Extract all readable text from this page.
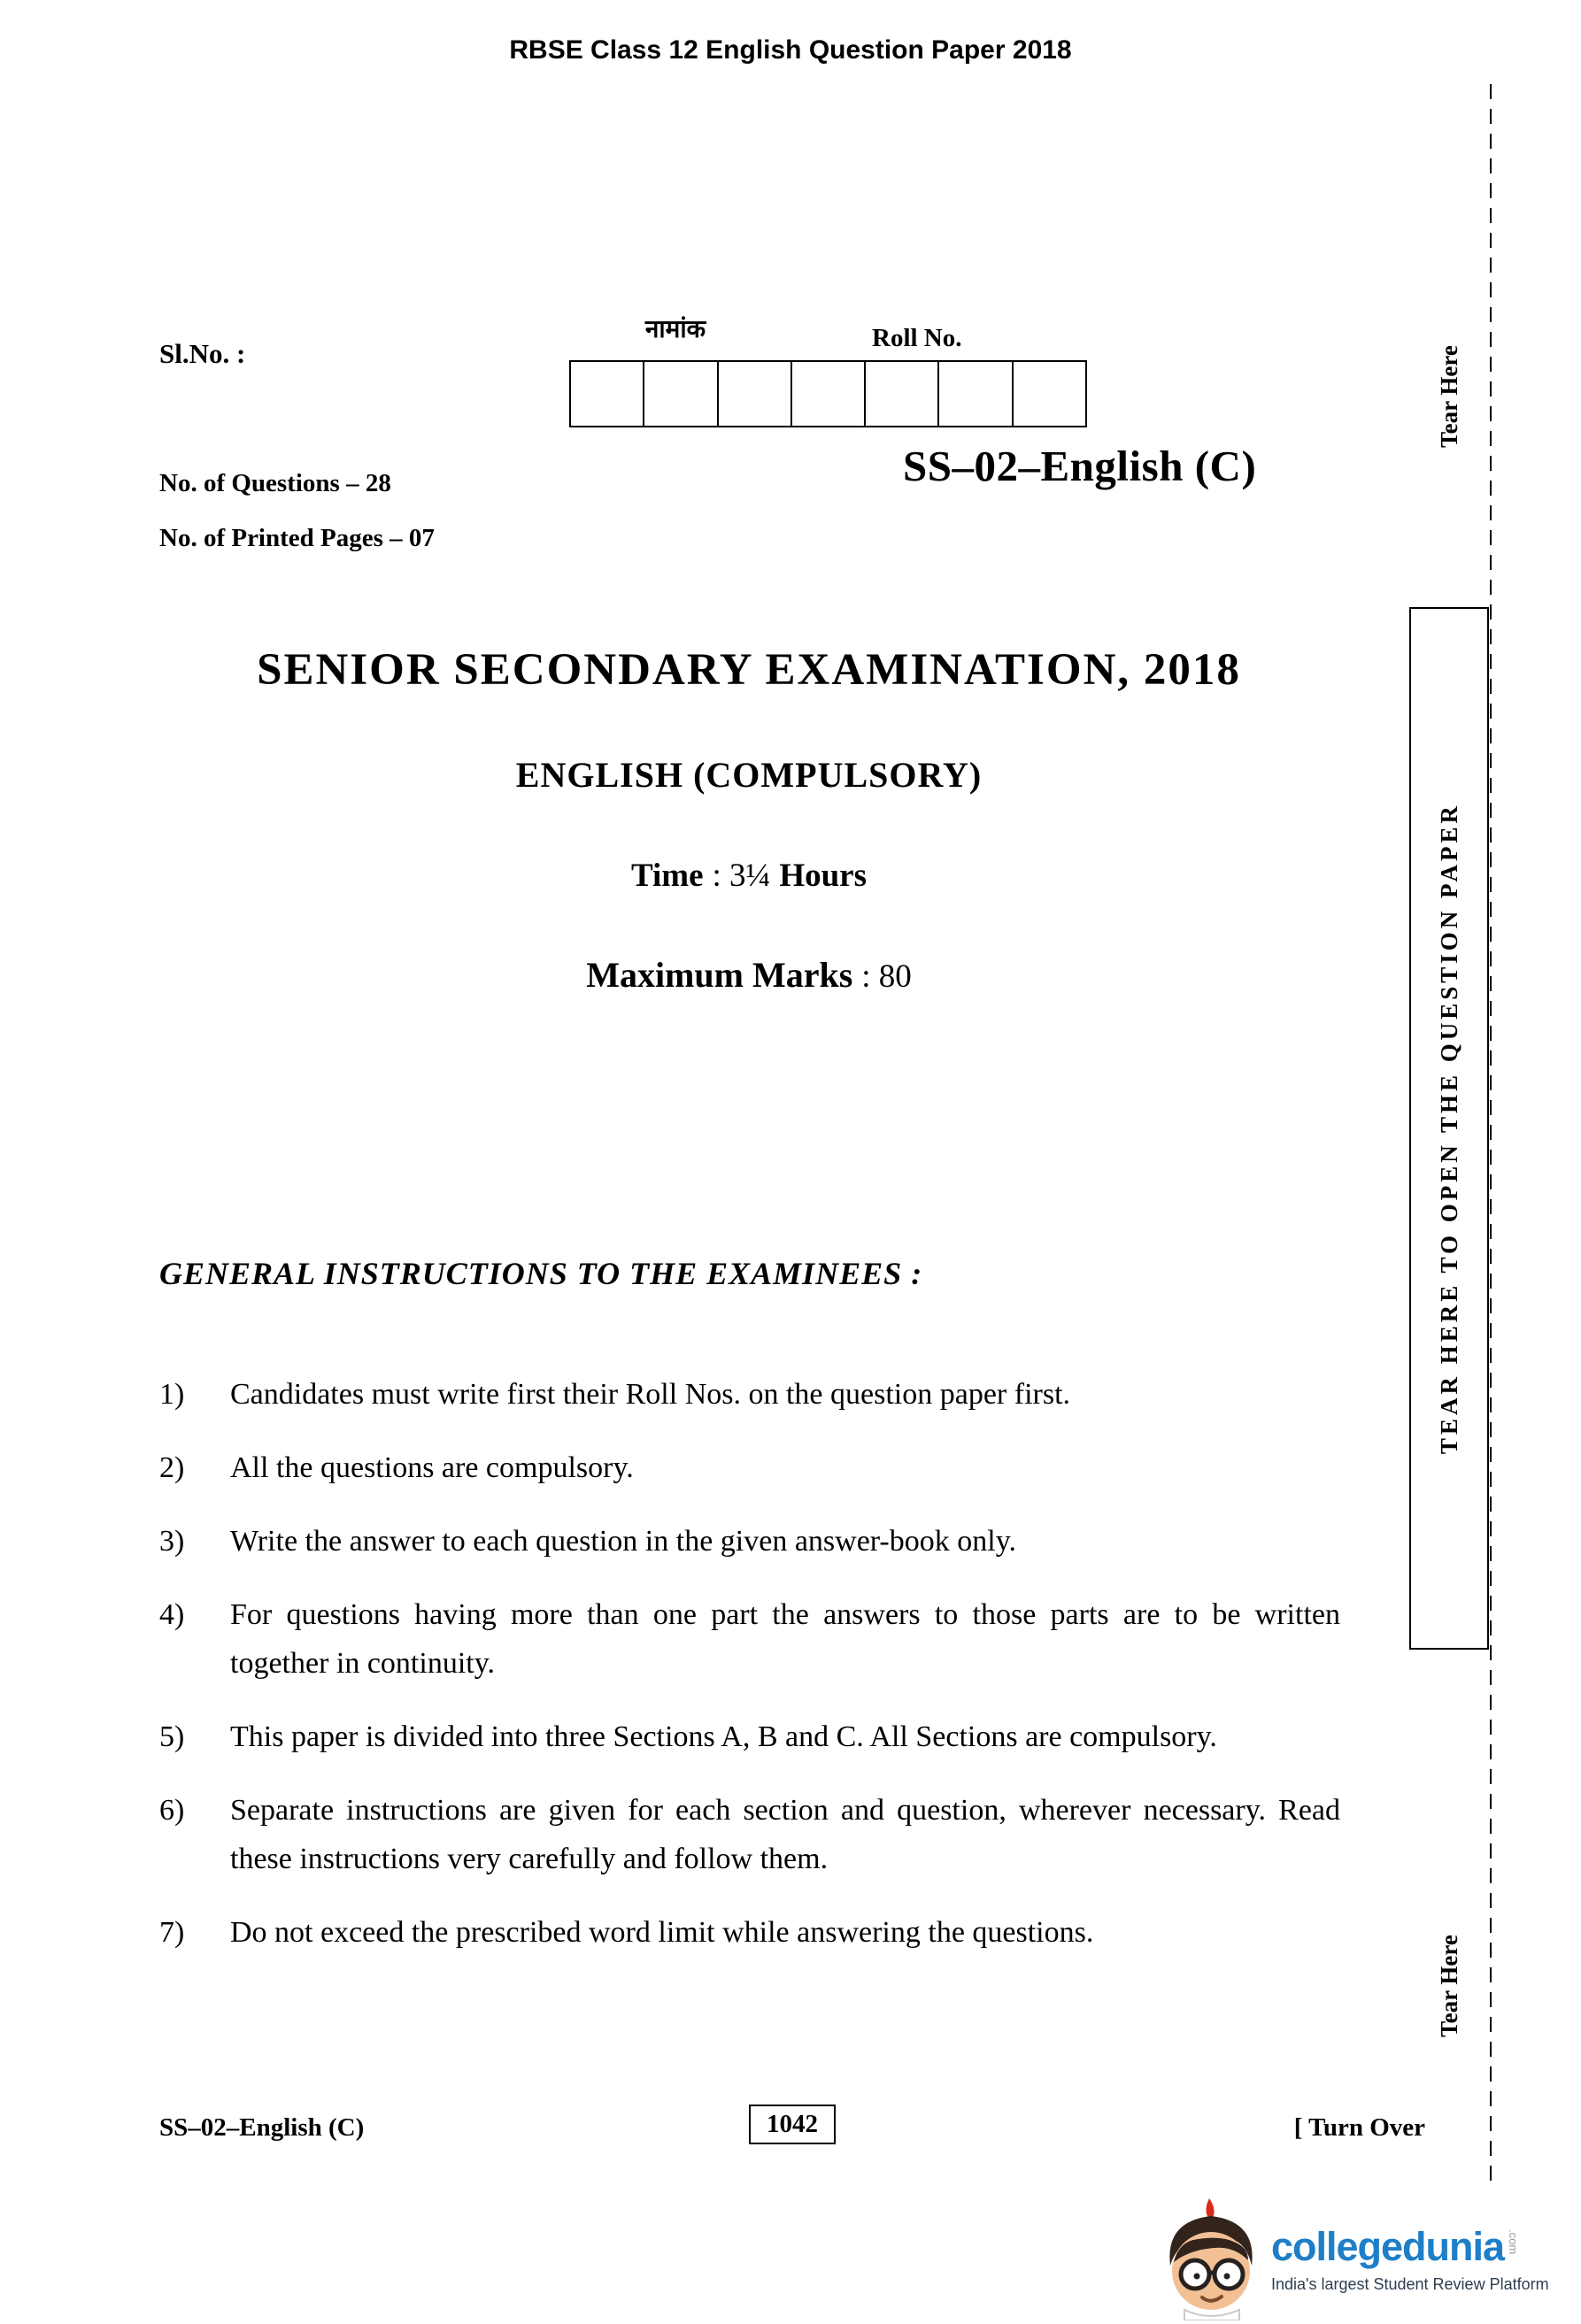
RBSE Class 12 English Question Paper 2018
Sl.No. :
नामांक	Roll No.
No. of Questions – 28
No. of Printed Pages – 07
SS–02–English (C)
SENIOR SECONDARY EXAMINATION, 2018
ENGLISH (COMPULSORY)
Time : 3¼ Hours
Maximum Marks : 80
GENERAL INSTRUCTIONS TO THE EXAMINEES :
1)	Candidates must write first their Roll Nos. on the question paper first.
2)	All the questions are compulsory.
3)	Write the answer to each question in the given answer-book only.
4)	For questions having more than one part the answers to those parts are to be written together in continuity.
5)	This paper is divided into three Sections A, B and C. All Sections are compulsory.
6)	Separate instructions are given for each section and question, wherever necessary. Read these instructions very carefully and follow them.
7)	Do not exceed the prescribed word limit while answering the questions.
SS–02–English (C)	1042	[ Turn Over
Tear Here
TEAR HERE TO OPEN THE QUESTION PAPER
Tear Here
collegedunia .com
India's largest Student Review Platform
